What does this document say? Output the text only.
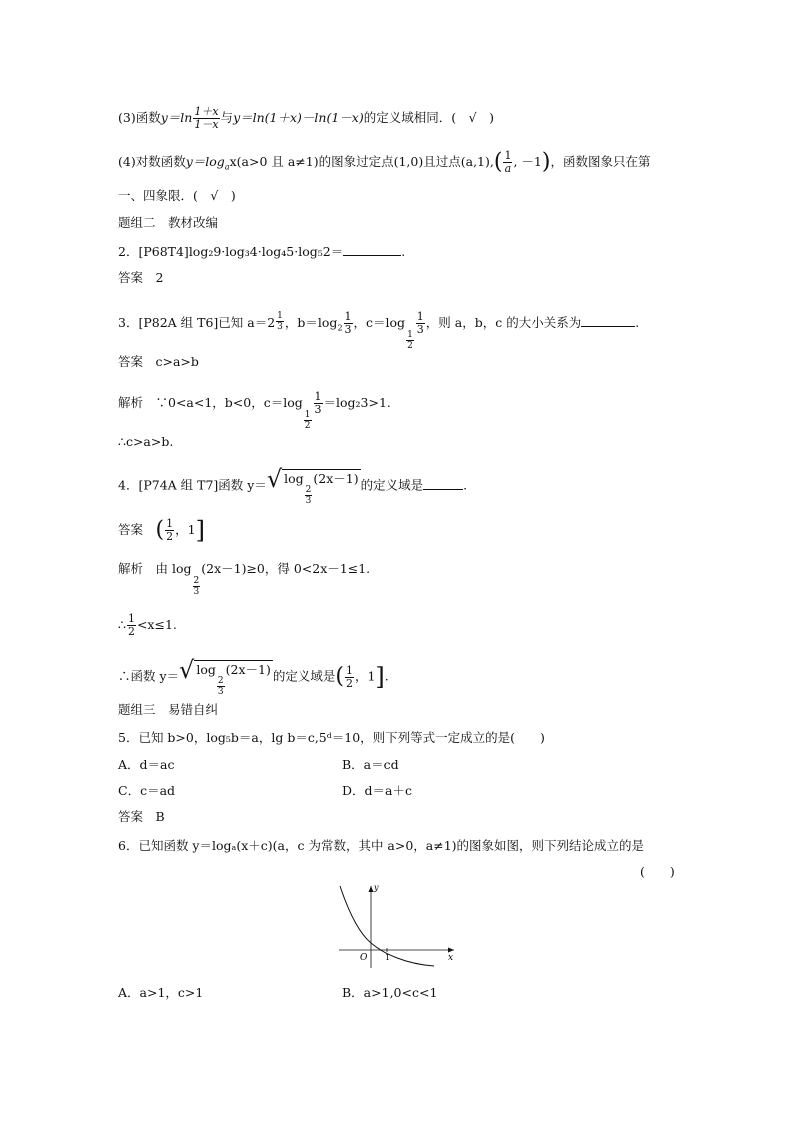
(3)函数$y=\ln \frac{1+x}{1-x}$ 与y＝ln(1＋x)－ln(1－x)的定义域相同．(　√　)
(4)对数函数$y=\log_ax(a>0$ 且 a≠1)的图象过定点(1,0)且过点$(a,1),( \frac{1}{a}$ , －1)，函数图象只在第
一、四象限．(　√　)
题组二　教材改编
2．[P68T4]log₂9·log₃4·log₄5·log₅2＝	.
答案　2
3．[P82A 组 T6]已知 $a=2 \frac{1}{3}$ ，$b=\log_2 \frac{1}{3}$ ，c＝log
$\frac{1}{2}$
$\frac{1}{3}$ ，则 a，b，c 的大小关系为	.
答案　c>a>b
解析　∵0<a<1，b<0，c＝log
$\frac{1}{2}$
$\frac{1}{3} =\log_23>1$.
∴c>a>b.
4．[P74A 组 T7]函数 y＝ √ log
$\frac{2}{3}$
(2x－1) 的定义域是	.
答案　 ( $\frac{1}{2}$ ，1]
解析　由 log
$\frac{2}{3}$
(2x－1)≥0，得 0<2x－1≤1.
∴ $\frac{1}{2} <x\le 1$.
∴函数 y＝ √ log
$\frac{2}{3}$
(2x－1) 的定义域是( $\frac{1}{2}$ ，1].
题组三　易错自纠
5．已知 b>0，log₅b＝a，lg b＝c,5ᵈ＝10，则下列等式一定成立的是(　　)
A．d＝ac	B．a＝cd
C．c＝ad	D．d＝a＋c
答案　B
6．已知函数 y＝logₐ(x＋c)(a，c 为常数，其中 a>0，a≠1)的图象如图，则下列结论成立的是
(　　)
O	x
y
1
A．a>1，c>1	B．a>1,0<c<1
